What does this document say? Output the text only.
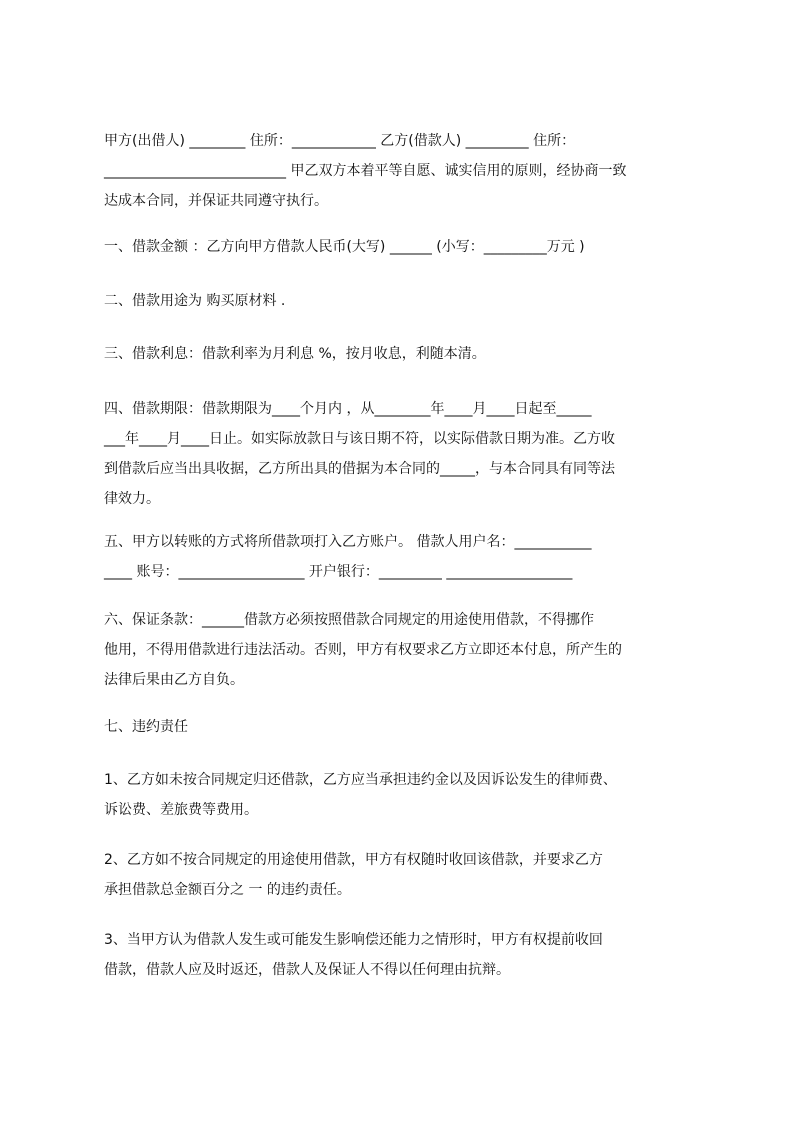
甲方(出借人) ________ 住所：____________ 乙方(借款人) _________ 住所：
__________________________ 甲乙双方本着平等自愿、诚实信用的原则，经协商一致
达成本合同，并保证共同遵守执行。
一、借款金额 ：乙方向甲方借款人民币(大写) ______ (小写：_________万元 )
二、借款用途为 购买原材料 .
三、借款利息：借款利率为月利息 %，按月收息，利随本清。
四、借款期限：借款期限为____个月内 ，从________年____月____日起至_____
___年____月____日止。如实际放款日与该日期不符，以实际借款日期为准。乙方收
到借款后应当出具收据，乙方所出具的借据为本合同的_____，与本合同具有同等法
律效力。
五、甲方以转账的方式将所借款项打入乙方账户。 借款人用户名：___________
____ 账号：__________________ 开户银行：_________ __________________
六、保证条款：______借款方必须按照借款合同规定的用途使用借款，不得挪作
他用，不得用借款进行违法活动。否则，甲方有权要求乙方立即还本付息，所产生的
法律后果由乙方自负。
七、违约责任
1、乙方如未按合同规定归还借款，乙方应当承担违约金以及因诉讼发生的律师费、
诉讼费、差旅费等费用。
2、乙方如不按合同规定的用途使用借款，甲方有权随时收回该借款，并要求乙方
承担借款总金额百分之 一 的违约责任。
3、当甲方认为借款人发生或可能发生影响偿还能力之情形时，甲方有权提前收回
借款，借款人应及时返还，借款人及保证人不得以任何理由抗辩。
